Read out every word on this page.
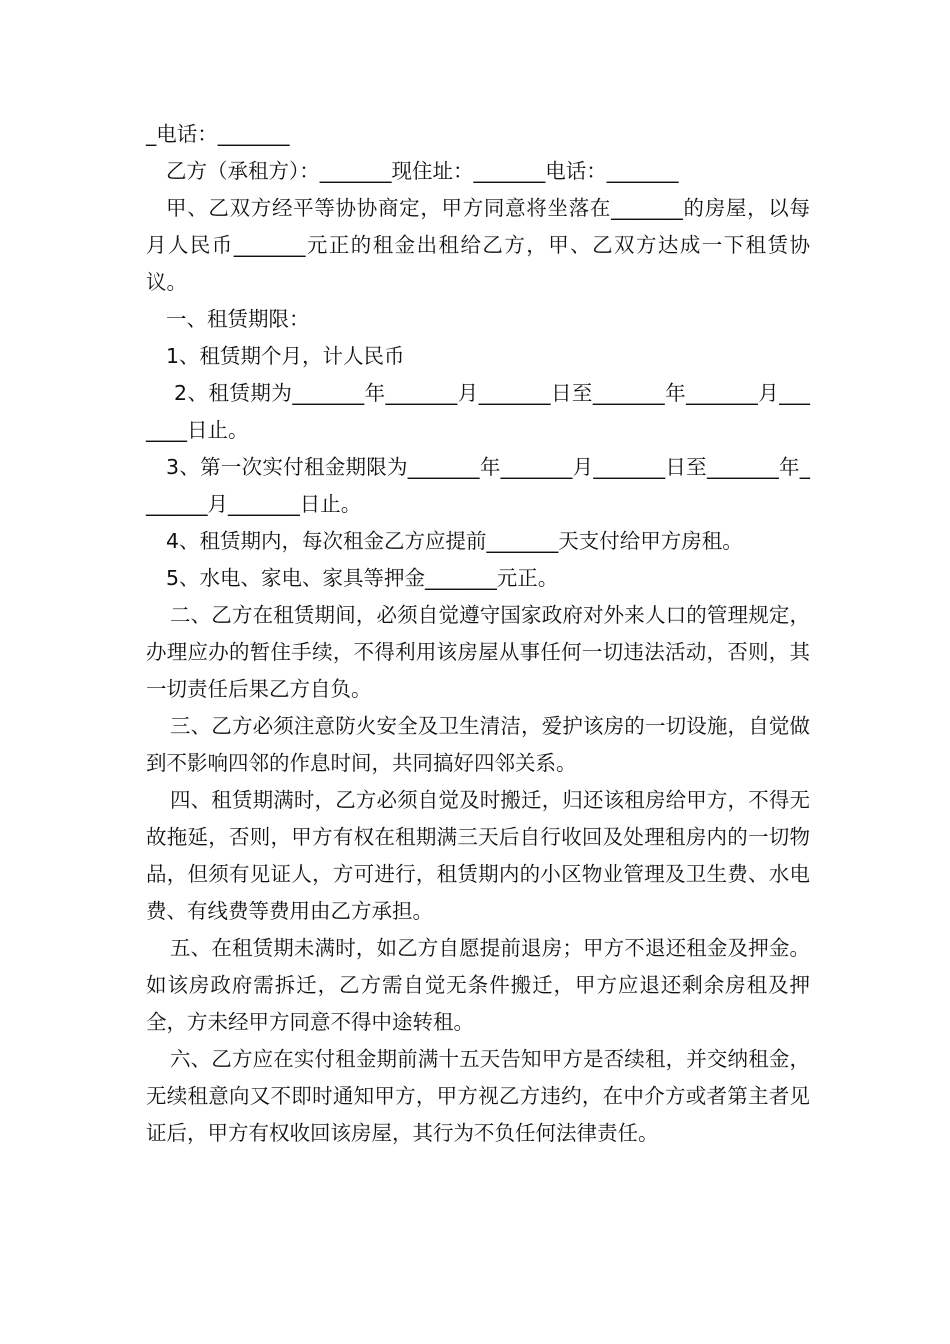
_电话：_______

乙方（承租方）：_______现住址：_______电话：_______

甲、乙双方经平等协协商定，甲方同意将坐落在_______的房屋，以每月人民币_______元正的租金出租给乙方，甲、乙双方达成一下租赁协议。

一、租赁期限：

1、租赁期个月，计人民币

2、租赁期为_______年_______月_______日至_______年_______月_______日止。

3、第一次实付租金期限为_______年_______月_______日至_______年_______月_______日止。

4、租赁期内，每次租金乙方应提前_______天支付给甲方房租。

5、水电、家电、家具等押金_______元正。

二、乙方在租赁期间，必须自觉遵守国家政府对外来人口的管理规定，办理应办的暂住手续，不得利用该房屋从事任何一切违法活动，否则，其一切责任后果乙方自负。

三、乙方必须注意防火安全及卫生清洁，爱护该房的一切设施，自觉做到不影响四邻的作息时间，共同搞好四邻关系。

四、租赁期满时，乙方必须自觉及时搬迁，归还该租房给甲方，不得无故拖延，否则，甲方有权在租期满三天后自行收回及处理租房内的一切物品，但须有见证人，方可进行，租赁期内的小区物业管理及卫生费、水电费、有线费等费用由乙方承担。

五、在租赁期未满时，如乙方自愿提前退房；甲方不退还租金及押金。如该房政府需拆迁，乙方需自觉无条件搬迁，甲方应退还剩余房租及押全，方未经甲方同意不得中途转租。

六、乙方应在实付租金期前满十五天告知甲方是否续租，并交纳租金，无续租意向又不即时通知甲方，甲方视乙方违约，在中介方或者第主者见证后，甲方有权收回该房屋，其行为不负任何法律责任。
